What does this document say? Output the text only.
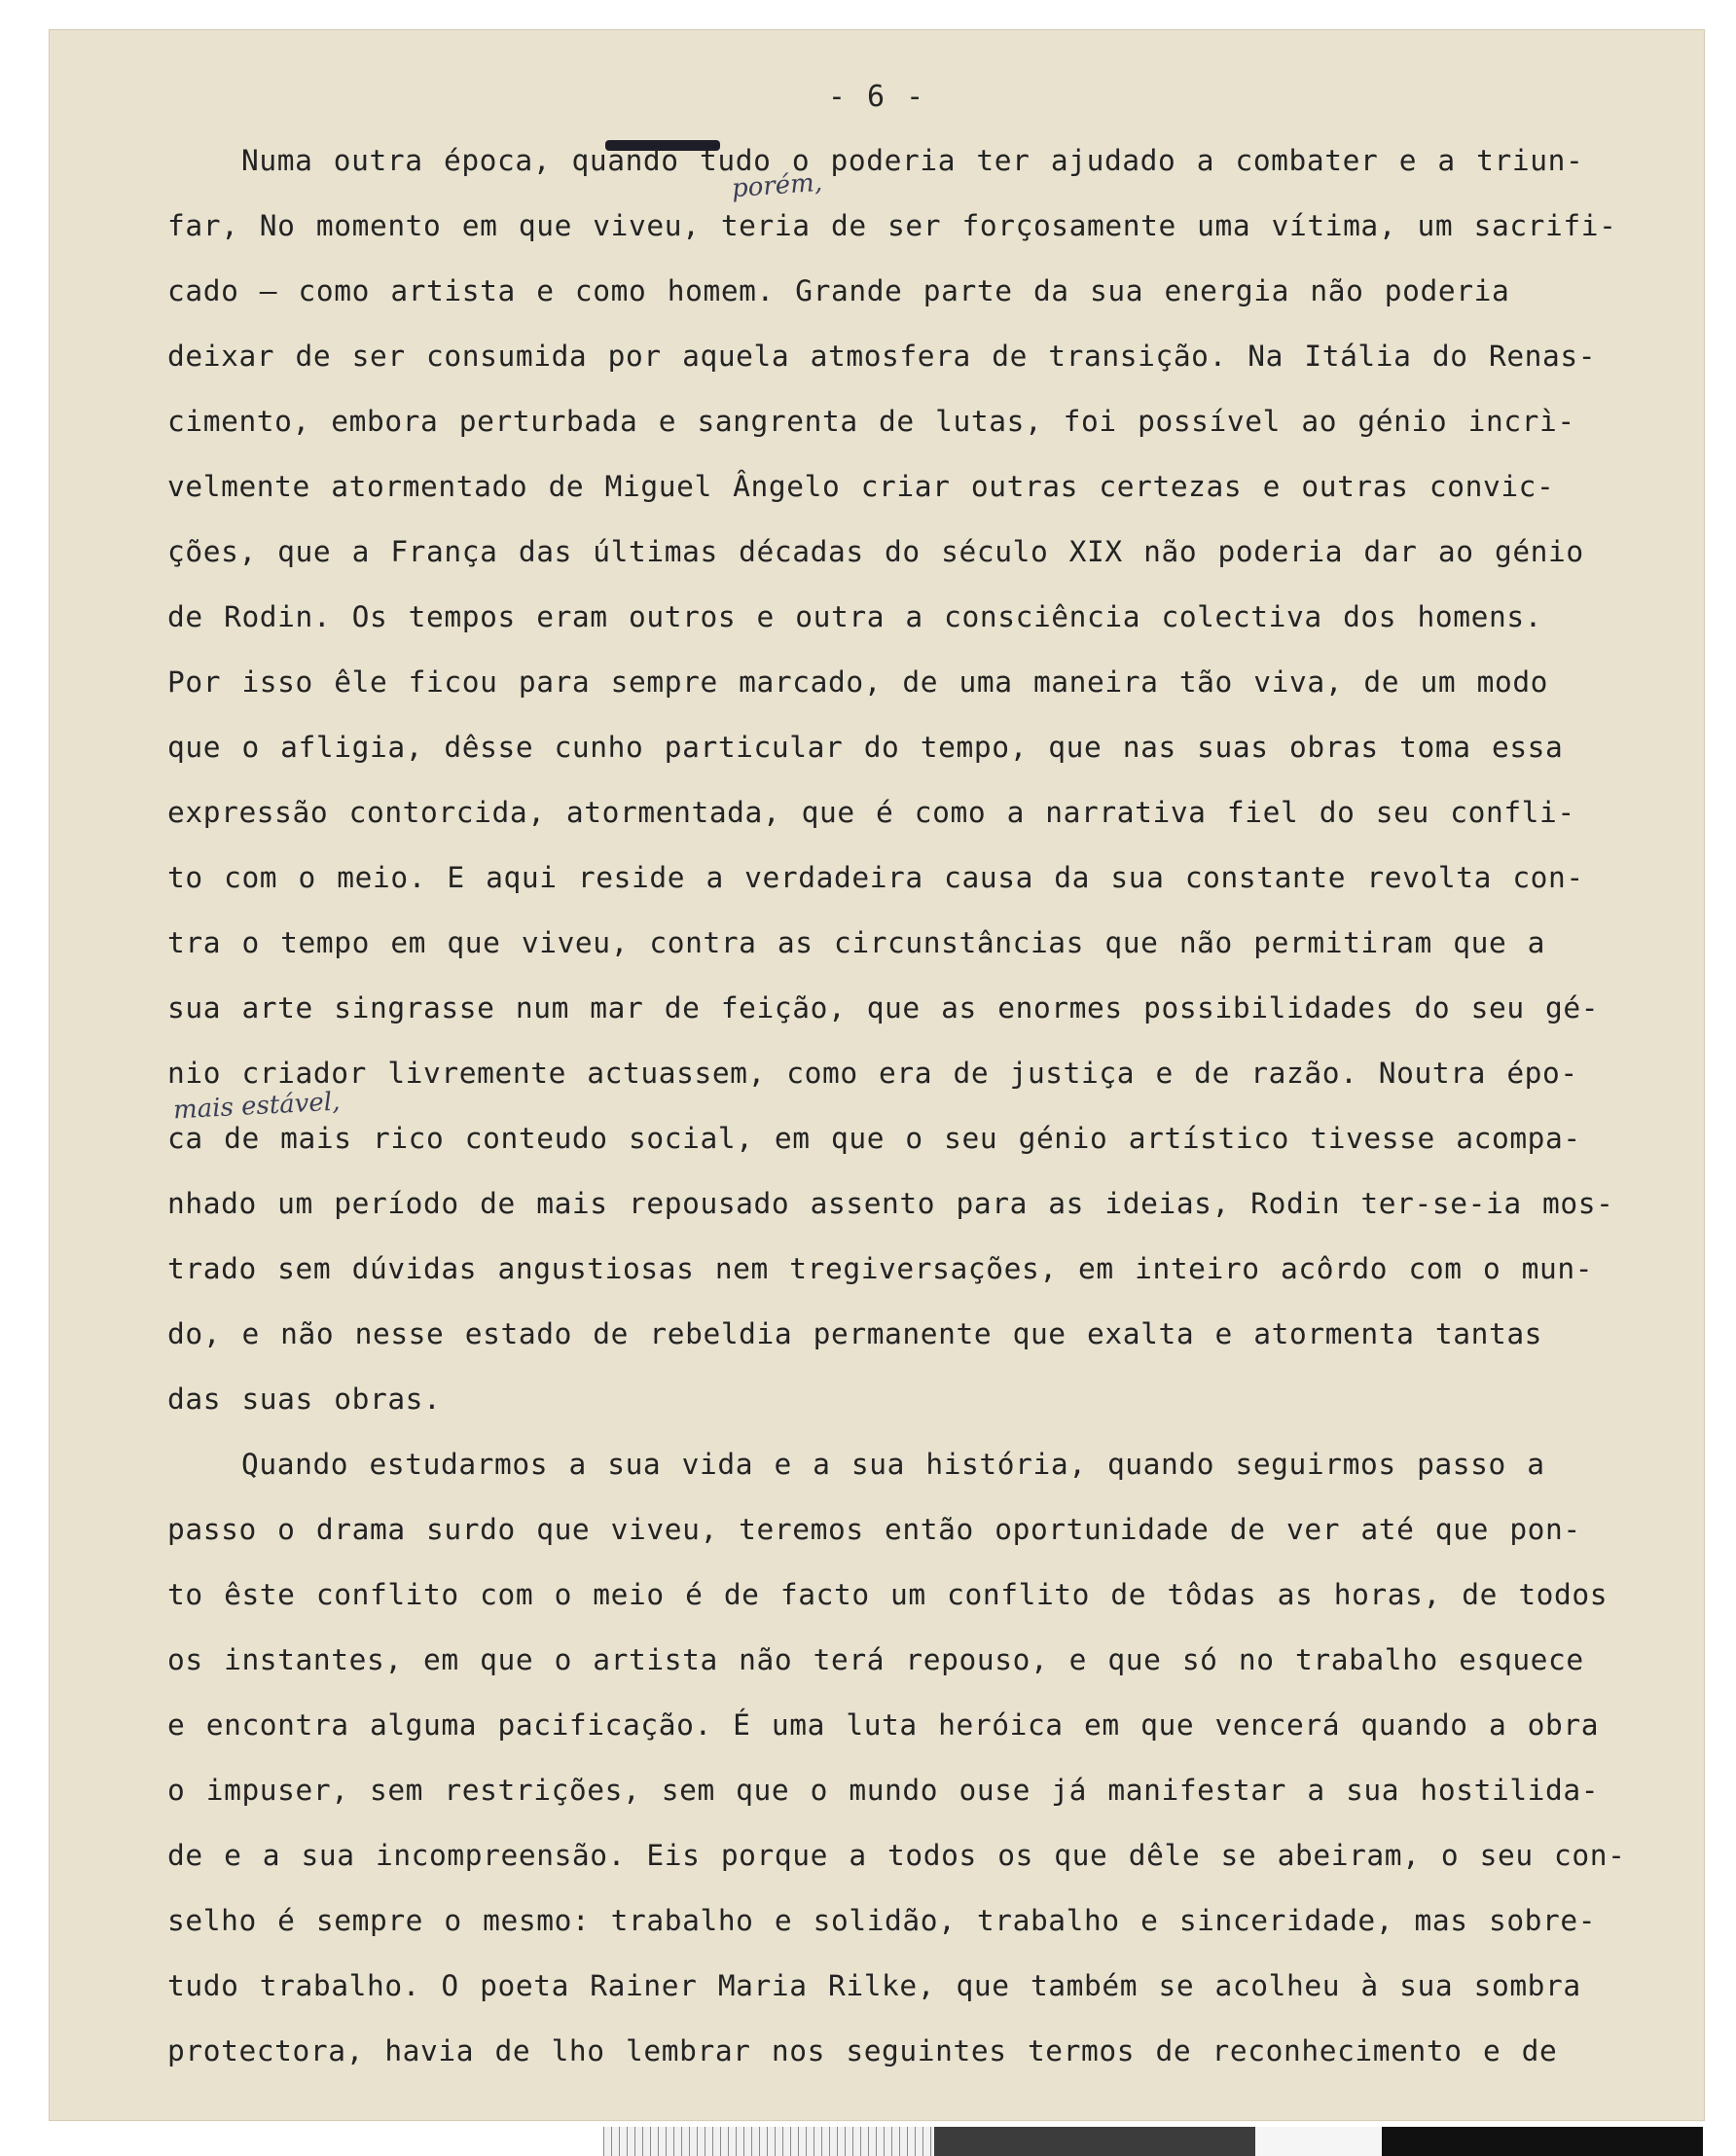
- 6 -
porém,
mais estável,
Numa outra época, quando tudo o poderia ter ajudado a combater e a triun-
far, No momento em que viveu, teria de ser forçosamente uma vítima, um sacrifi-
cado — como artista e como homem. Grande parte da sua energia não poderia
deixar de ser consumida por aquela atmosfera de transição. Na Itália do Renas-
cimento, embora perturbada e sangrenta de lutas, foi possível ao génio incrì-
velmente atormentado de Miguel Ângelo criar outras certezas e outras convic-
ções, que a França das últimas décadas do século XIX não poderia dar ao génio
de Rodin. Os tempos eram outros e outra a consciência colectiva dos homens.
Por isso êle ficou para sempre marcado, de uma maneira tão viva, de um modo
que o afligia, dêsse cunho particular do tempo, que nas suas obras toma essa
expressão contorcida, atormentada, que é como a narrativa fiel do seu confli-
to com o meio. E aqui reside a verdadeira causa da sua constante revolta con-
tra o tempo em que viveu, contra as circunstâncias que não permitiram que a
sua arte singrasse num mar de feição, que as enormes possibilidades do seu gé-
nio criador livremente actuassem, como era de justiça e de razão. Noutra épo-
ca de mais rico conteudo social, em que o seu génio artístico tivesse acompa-
nhado um período de mais repousado assento para as ideias, Rodin ter-se-ia mos-
trado sem dúvidas angustiosas nem tregiversações, em inteiro acôrdo com o mun-
do, e não nesse estado de rebeldia permanente que exalta e atormenta tantas
das suas obras.
Quando estudarmos a sua vida e a sua história, quando seguirmos passo a
passo o drama surdo que viveu, teremos então oportunidade de ver até que pon-
to êste conflito com o meio é de facto um conflito de tôdas as horas, de todos
os instantes, em que o artista não terá repouso, e que só no trabalho esquece
e encontra alguma pacificação. É uma luta heróica em que vencerá quando a obra
o impuser, sem restrições, sem que o mundo ouse já manifestar a sua hostilida-
de e a sua incompreensão. Eis porque a todos os que dêle se abeiram, o seu con-
selho é sempre o mesmo: trabalho e solidão, trabalho e sinceridade, mas sobre-
tudo trabalho. O poeta Rainer Maria Rilke, que também se acolheu à sua sombra
protectora, havia de lho lembrar nos seguintes termos de reconhecimento e de
